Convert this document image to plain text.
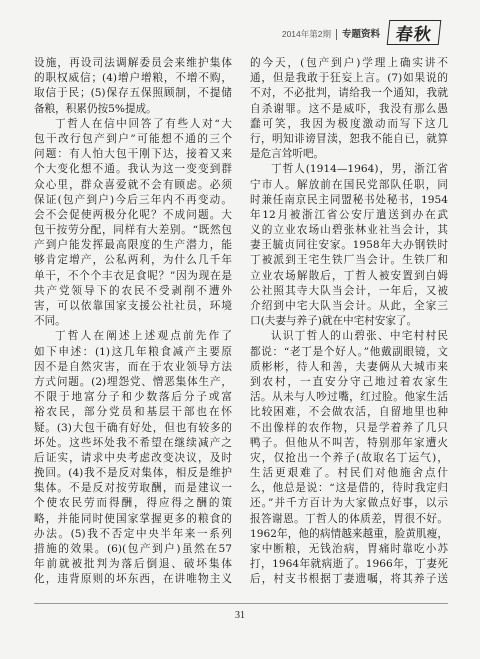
2014年第2期	专题资料 春秋
设施，再设司法调解委员会来维护集体
的职权威信；(4)增户增粮，不增不购，
取信于民；(5)保存五保照顾制，不提储
备粮，积累仍按5%提成。
丁哲人在信中回答了有些人对“大
包干改行包产到户”可能想不通的三个
问题：有人怕大包干刚下达，接着又来
个大变化想不通。我认为这一变变到群
众心里，群众喜爱就不会有顾虑。必须
保证(包产到户)今后三年内不再变动。
会不会促使两极分化呢？不成问题。大
包干按劳分配，同样有大差别。“既然包
产到户能发挥最高限度的生产潜力，能
够肯定增产，公私两利，为什么几千年
单干，不个个丰衣足食呢？”因为现在是
共产党领导下的农民不受剥削不遭外
害，可以依靠国家支援公社社员，环境
不同。
丁哲人在阐述上述观点前先作了
如下申述：(1)这几年粮食减产主要原
因不是自然灾害，而在于农业领导方法
方式问题。(2)埋怨党、憎恶集体生产，
不限于地富分子和少数落后分子或富
裕农民，部分党员和基层干部也在怀
疑。(3)大包干确有好处，但也有较多的
坏处。这些坏处我不希望在继续减产之
后证实，请求中央考虑改变决议，及时
挽回。(4)我不是反对集体，相反是维护
集体。不是反对按劳取酬，而是建议一
个使农民劳而得酬，得应得之酬的策
略，并能同时使国家掌握更多的粮食的
办法。(5)我不否定中央半年来一系列
措施的效果。(6)(包产到户)虽然在57
年前就被批判为落后倒退、破坏集体
化，违背原则的坏东西，在讲唯物主义
的今天，(包产到户)学理上确实讲不
通，但是我敢于狂妄上言。(7)如果说的
不对，不必批判，请给我一个通知，我就
自杀谢罪。这不是威吓，我没有那么愚
蠢可笑，我因为极度激动而写下这几
行，明知诽谤冒渎，恕我不能自已，就算
是危言耸听吧。
丁哲人(1914—1964)，男，浙江省
宁市人。解放前在国民党部队任职，同
时兼任南京民主同盟秘书处秘书，1954
年12月被浙江省公安厅遣送到办在武
义的立业农场山碧张林业社当会计，其
妻王毓贞同往安家。1958年大办钢铁时
丁被派到王宅生铁厂当会计。生铁厂和
立业农场解散后，丁哲人被安置到白姆
公社照其寺大队当会计，一年后，又被
介绍到中宅大队当会计。从此，全家三
口(夫妻与养子)就在中宅村安家了。
认识丁哲人的山碧张、中宅村村民
都说：“老丁是个好人。”他戴副眼镜，文
质彬彬，待人和善，夫妻俩从大城市来
到农村，一直安分守己地过着农家生
活。从未与人吵过嘴，红过脸。他家生活
比较困难，不会做农活，自留地里也种
不出像样的农作物，只是学着养了几只
鸭子。但他从不叫苦，特别那年家遭火
灾，仅抢出一个养子(故取名丁运气)，
生活更艰难了。村民们对他施舍点什
么，他总是说：“这是借的，待时我定归
还。”并千方百计为大家做点好事，以示
报答谢恩。丁哲人的体质差，胃很不好。
1962年，他的病情越来越重，脸黄肌瘦，
家中断粮，无钱治病，胃痛时靠吃小苏
打，1964年就病逝了。1966年，丁妻死
后，村支书根据丁妻遗嘱，将其养子送
31
